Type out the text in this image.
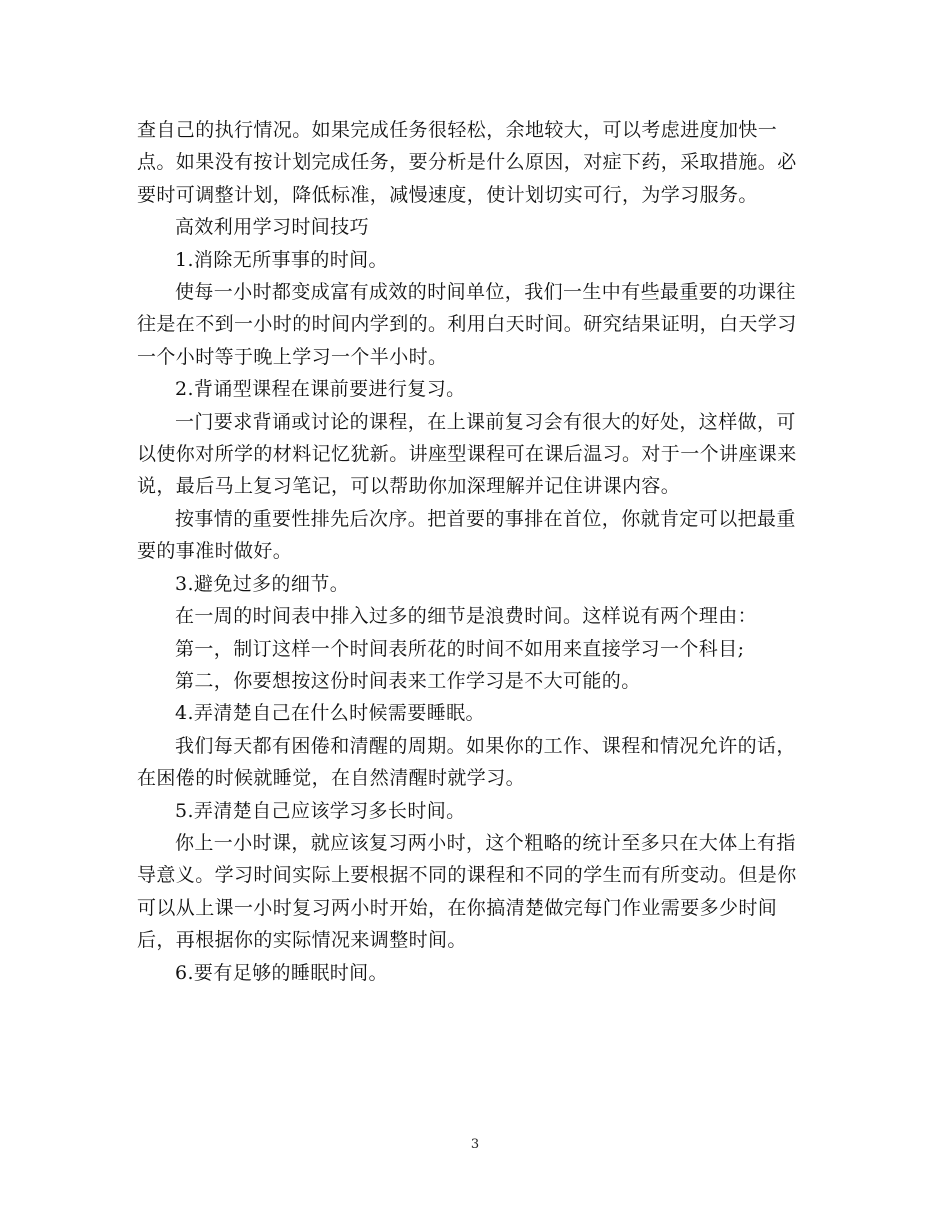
查自己的执行情况。如果完成任务很轻松，余地较大，可以考虑进度加快一点。如果没有按计划完成任务，要分析是什么原因，对症下药，采取措施。必要时可调整计划，降低标准，减慢速度，使计划切实可行，为学习服务。

高效利用学习时间技巧

1.消除无所事事的时间。

使每一小时都变成富有成效的时间单位，我们一生中有些最重要的功课往往是在不到一小时的时间内学到的。利用白天时间。研究结果证明，白天学习一个小时等于晚上学习一个半小时。

2.背诵型课程在课前要进行复习。

一门要求背诵或讨论的课程，在上课前复习会有很大的好处，这样做，可以使你对所学的材料记忆犹新。讲座型课程可在课后温习。对于一个讲座课来说，最后马上复习笔记，可以帮助你加深理解并记住讲课内容。

按事情的重要性排先后次序。把首要的事排在首位，你就肯定可以把最重要的事准时做好。

3.避免过多的细节。

在一周的时间表中排入过多的细节是浪费时间。这样说有两个理由：

第一，制订这样一个时间表所花的时间不如用来直接学习一个科目;

第二，你要想按这份时间表来工作学习是不大可能的。

4.弄清楚自己在什么时候需要睡眠。

我们每天都有困倦和清醒的周期。如果你的工作、课程和情况允许的话，在困倦的时候就睡觉，在自然清醒时就学习。

5.弄清楚自己应该学习多长时间。

你上一小时课，就应该复习两小时，这个粗略的统计至多只在大体上有指导意义。学习时间实际上要根据不同的课程和不同的学生而有所变动。但是你可以从上课一小时复习两小时开始，在你搞清楚做完每门作业需要多少时间后，再根据你的实际情况来调整时间。

6.要有足够的睡眠时间。

3
